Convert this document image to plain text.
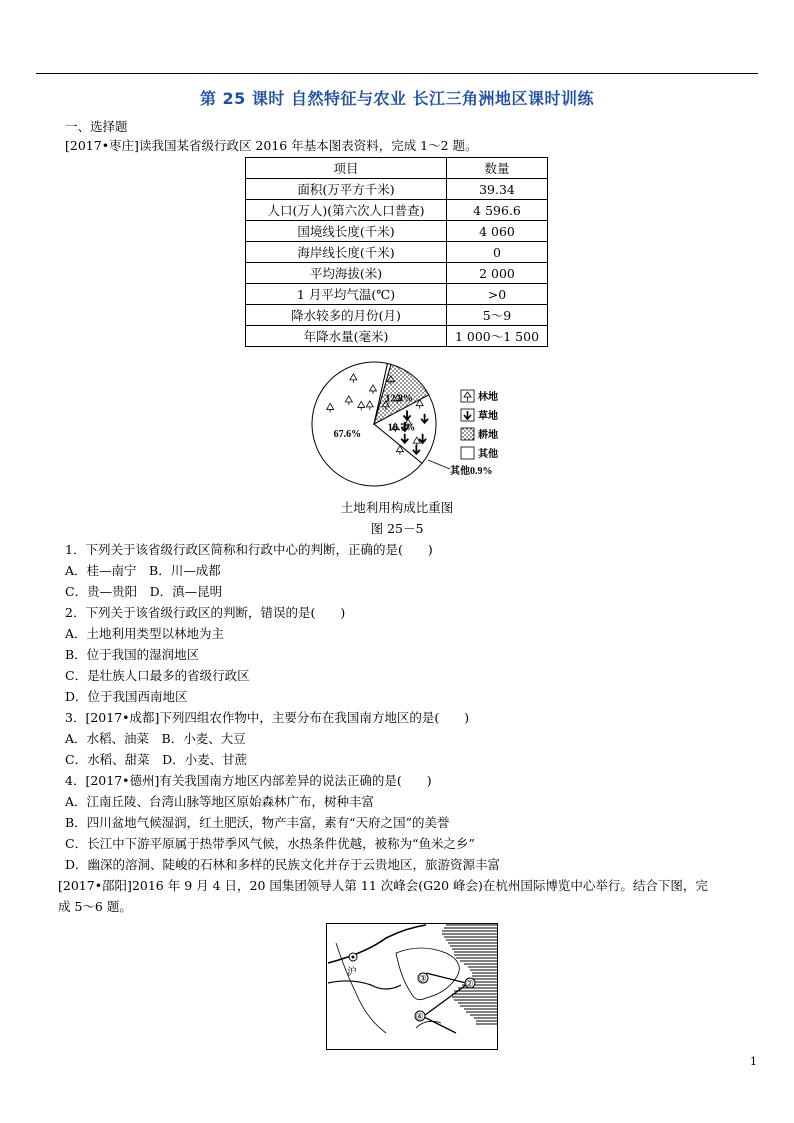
第 25 课时 自然特征与农业 长江三角洲地区课时训练
一、选择题
[2017•枣庄]读我国某省级行政区 2016 年基本图表资料，完成 1～2 题。
项目	数量
面积(万平方千米)	39.34
人口(万人)(第六次人口普查)	4 596.6
国境线长度(千米)	4 060
海岸线长度(千米)	0
平均海拔(米)	2 000
1 月平均气温(℃)	>0
降水较多的月份(月)	5～9
年降水量(毫米)	1 000～1 500
67.6%
18.7%
12.8%
其他0.9%
林地
草地
耕地
其他
土地利用构成比重图
图 25－5
1．下列关于该省级行政区简称和行政中心的判断，正确的是(　　)
A．桂—南宁　B．川—成都
C．贵—贵阳　D．滇—昆明
2．下列关于该省级行政区的判断，错误的是(　　)
A．土地利用类型以林地为主
B．位于我国的湿润地区
C．是壮族人口最多的省级行政区
D．位于我国西南地区
3．[2017•成都]下列四组农作物中，主要分布在我国南方地区的是(　　)
A．水稻、油菜　B．小麦、大豆
C．水稻、甜菜　D．小麦、甘蔗
4．[2017•德州]有关我国南方地区内部差异的说法正确的是(　　)
A．江南丘陵、台湾山脉等地区原始森林广布，树种丰富
B．四川盆地气候湿润，红土肥沃，物产丰富，素有“天府之国”的美誉
C．长江中下游平原属于热带季风气候，水热条件优越，被称为“鱼米之乡”
D．幽深的溶洞、陡峻的石林和多样的民族文化并存于云贵地区，旅游资源丰富
[2017•邵阳]2016 年 9 月 4 日，20 国集团领导人第 11 次峰会(G20 峰会)在杭州国际博览中心举行。结合下图，完
成 5～6 题。
沪
③	②
④
1
